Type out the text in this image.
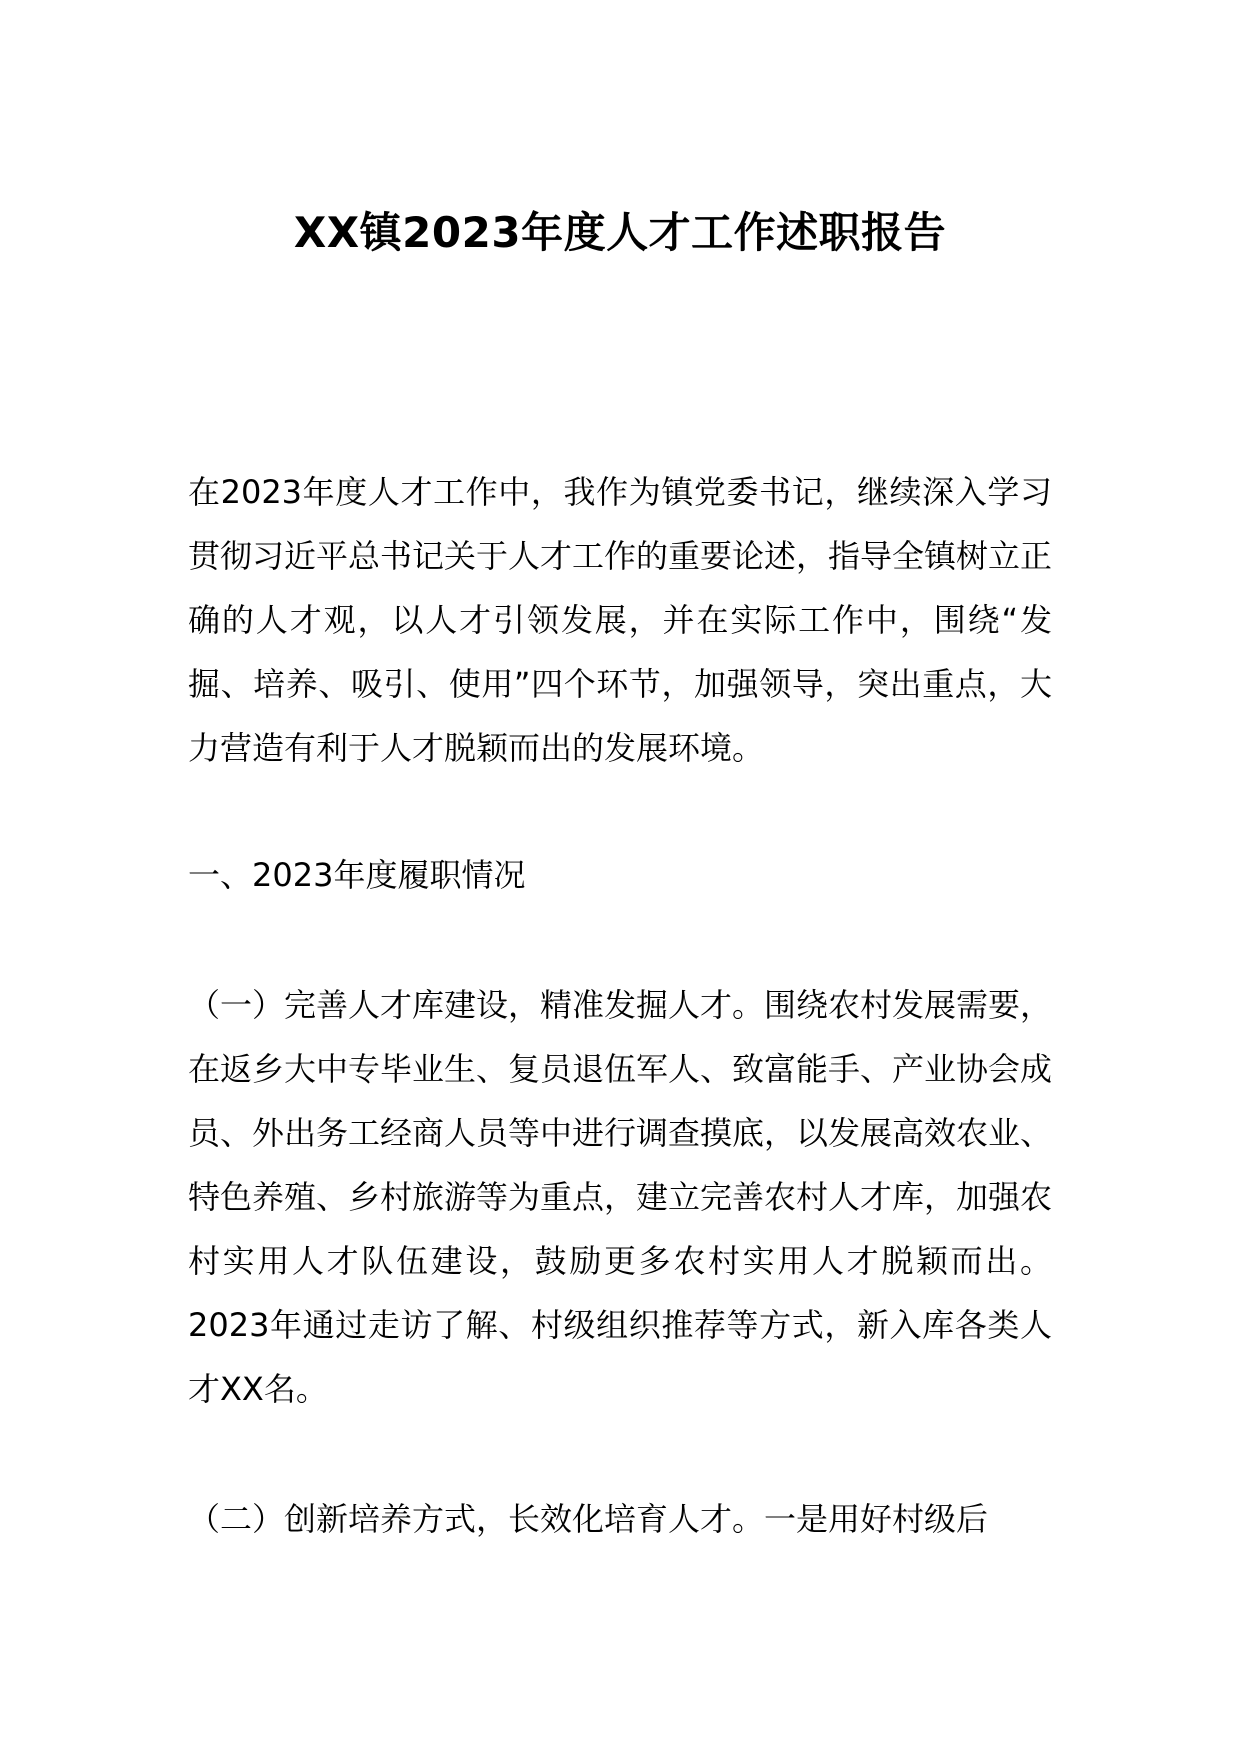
XX镇2023年度人才工作述职报告

在2023年度人才工作中，我作为镇党委书记，继续深入学习贯彻习近平总书记关于人才工作的重要论述，指导全镇树立正确的人才观，以人才引领发展，并在实际工作中，围绕“发掘、培养、吸引、使用”四个环节，加强领导，突出重点，大力营造有利于人才脱颖而出的发展环境。

一、2023年度履职情况

（一）完善人才库建设，精准发掘人才。围绕农村发展需要，在返乡大中专毕业生、复员退伍军人、致富能手、产业协会成员、外出务工经商人员等中进行调查摸底，以发展高效农业、特色养殖、乡村旅游等为重点，建立完善农村人才库，加强农村实用人才队伍建设，鼓励更多农村实用人才脱颖而出。2023年通过走访了解、村级组织推荐等方式，新入库各类人才XX名。

（二）创新培养方式，长效化培育人才。一是用好村级后
